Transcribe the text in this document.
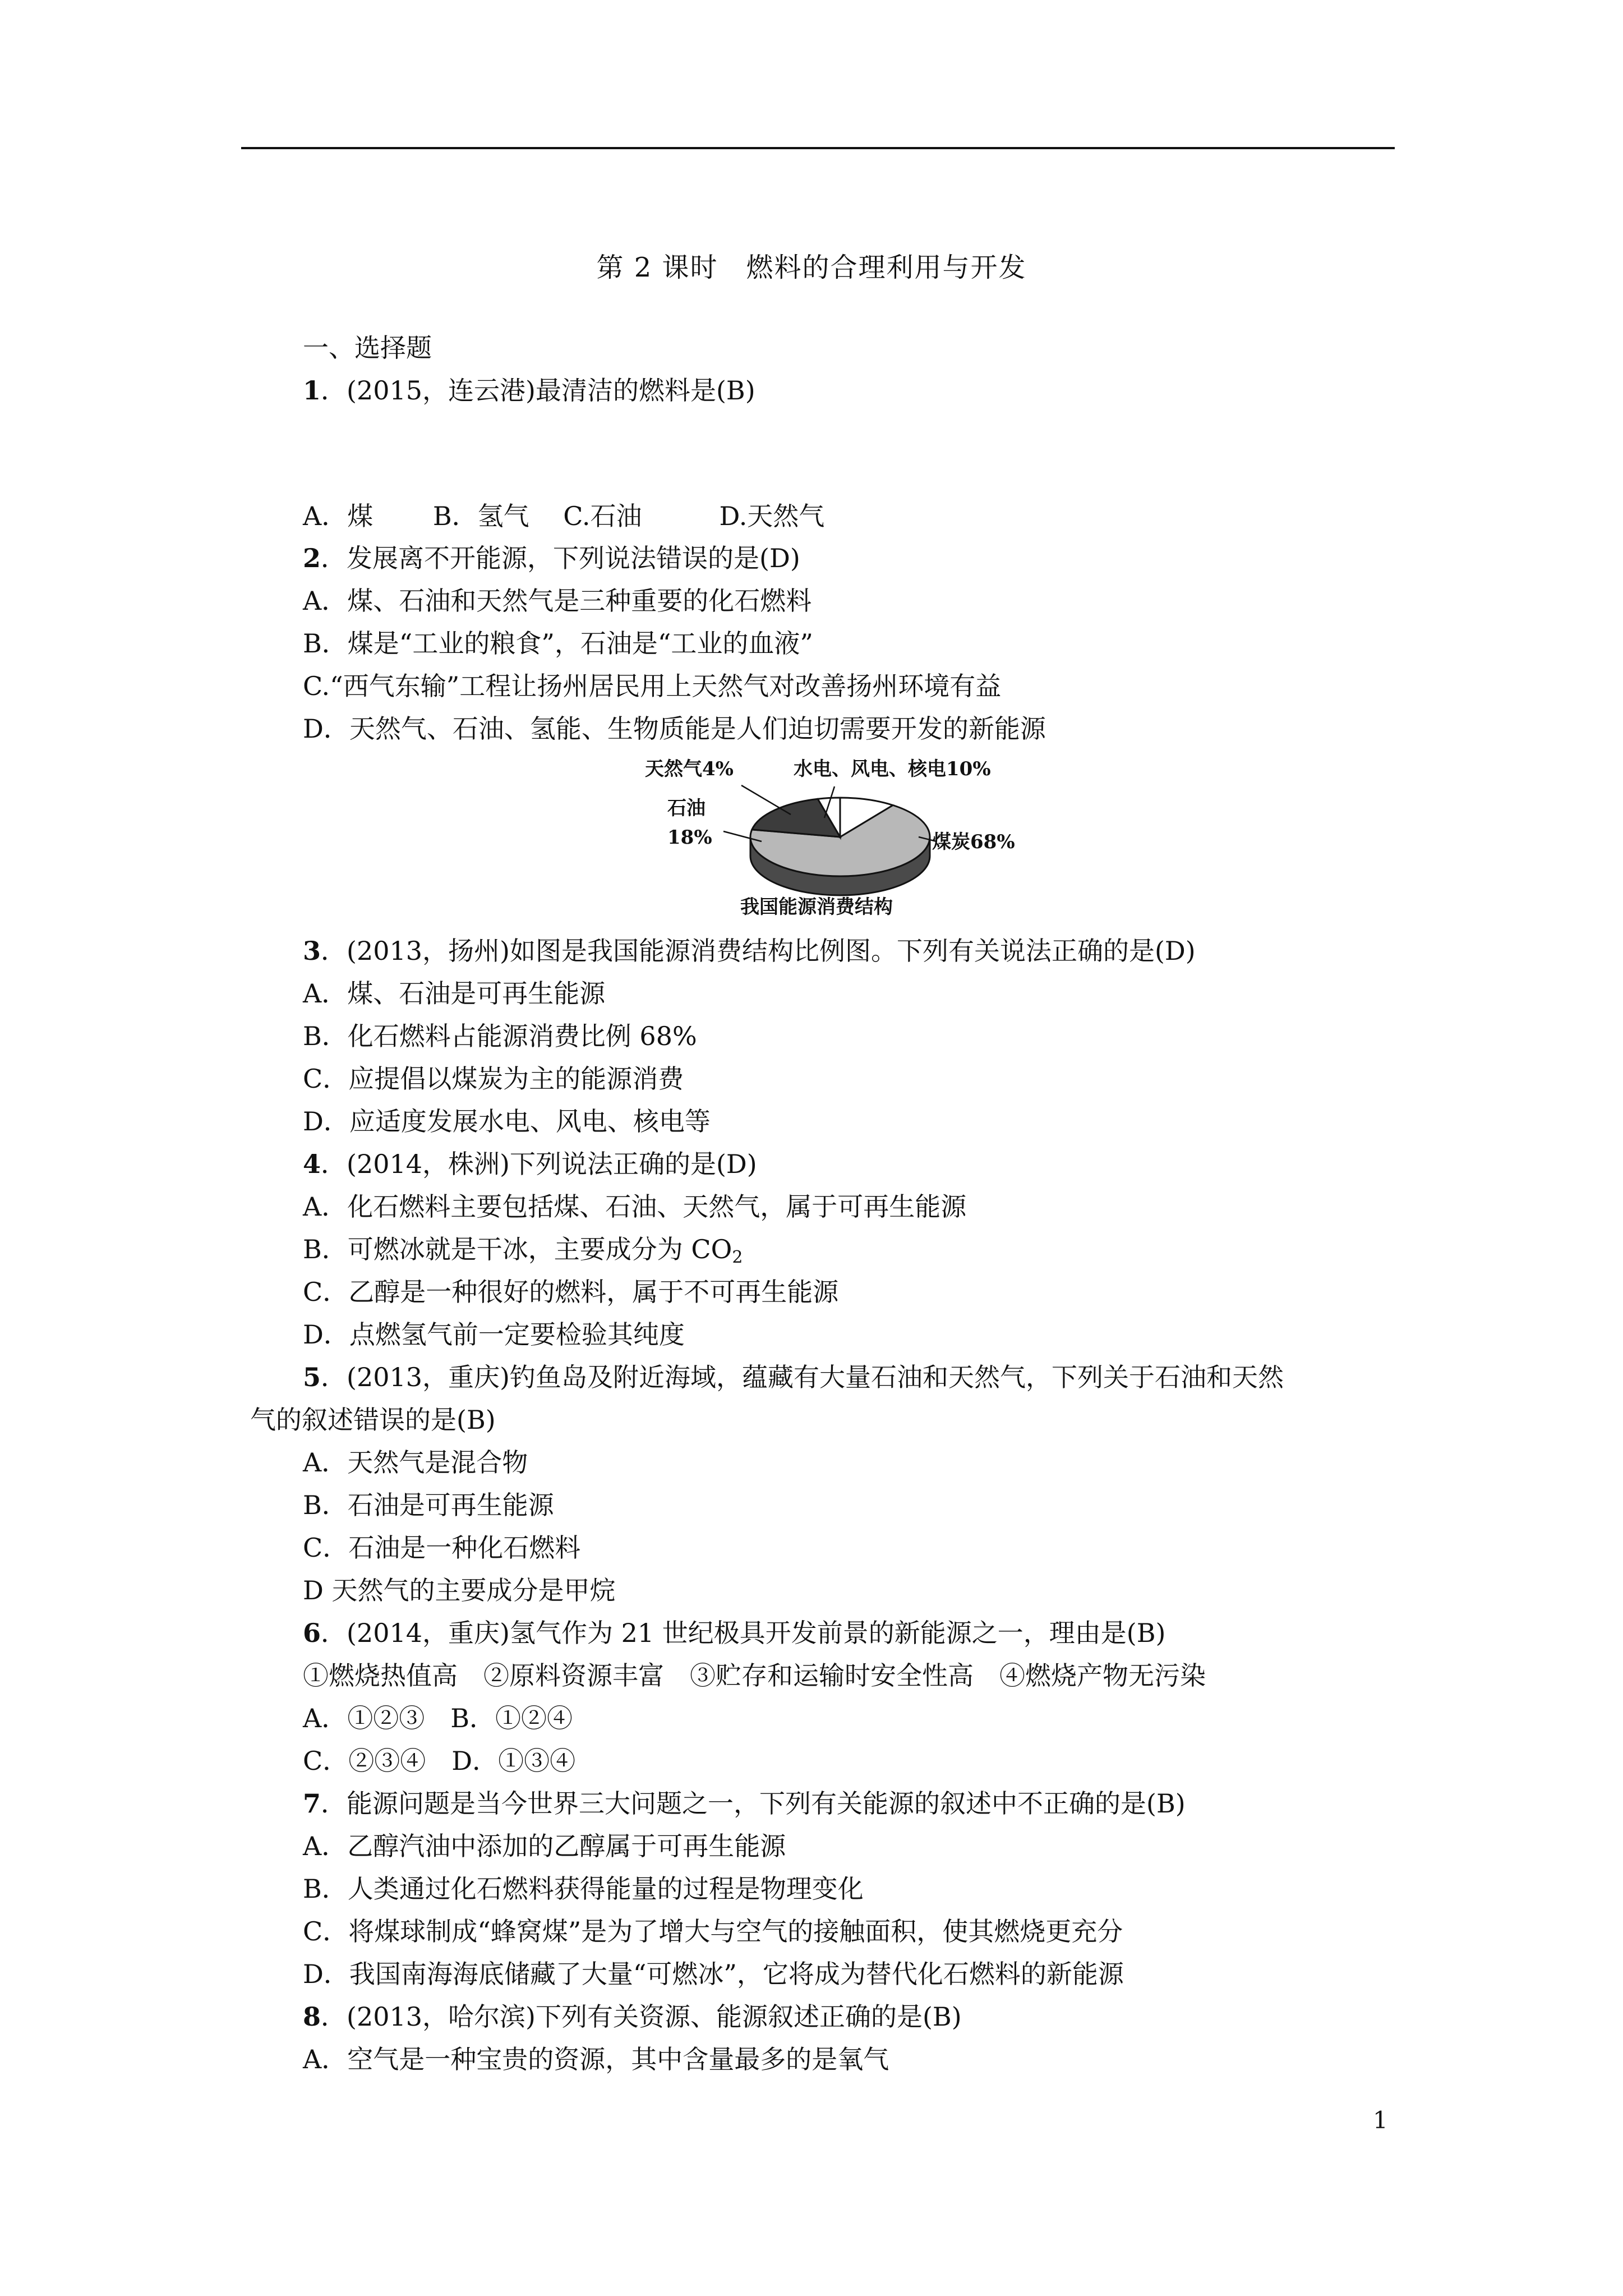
第 2 课时　燃料的合理利用与开发
一、选择题
1．(2015，连云港)最清洁的燃料是(B)
A．煤　　 B．氢气　 C.石油　　　D.天然气
2．发展离不开能源，下列说法错误的是(D)
A．煤、石油和天然气是三种重要的化石燃料
B．煤是“工业的粮食”，石油是“工业的血液”
C.“西气东输”工程让扬州居民用上天然气对改善扬州环境有益
D．天然气、石油、氢能、生物质能是人们迫切需要开发的新能源
天然气4%	水电、风电、核电10%
石油
18%	煤炭68%
我国能源消费结构
3．(2013，扬州)如图是我国能源消费结构比例图。下列有关说法正确的是(D)
A．煤、石油是可再生能源
B．化石燃料占能源消费比例 68%
C．应提倡以煤炭为主的能源消费
D．应适度发展水电、风电、核电等
4．(2014，株洲)下列说法正确的是(D)
A．化石燃料主要包括煤、石油、天然气，属于可再生能源
B．可燃冰就是干冰，主要成分为 $CO_2$
C．乙醇是一种很好的燃料，属于不可再生能源
D．点燃氢气前一定要检验其纯度
5．(2013，重庆)钓鱼岛及附近海域，蕴藏有大量石油和天然气，下列关于石油和天然
气的叙述错误的是(B)
A．天然气是混合物
B．石油是可再生能源
C．石油是一种化石燃料
D 天然气的主要成分是甲烷
6．(2014，重庆)氢气作为 21 世纪极具开发前景的新能源之一，理由是(B)
①燃烧热值高　②原料资源丰富　③贮存和运输时安全性高　④燃烧产物无污染
A．①②③　B．①②④
C．②③④　D．①③④
7．能源问题是当今世界三大问题之一，下列有关能源的叙述中不正确的是(B)
A．乙醇汽油中添加的乙醇属于可再生能源
B．人类通过化石燃料获得能量的过程是物理变化
C．将煤球制成“蜂窝煤”是为了增大与空气的接触面积，使其燃烧更充分
D．我国南海海底储藏了大量“可燃冰”，它将成为替代化石燃料的新能源
8．(2013，哈尔滨)下列有关资源、能源叙述正确的是(B)
A．空气是一种宝贵的资源，其中含量最多的是氧气
1
